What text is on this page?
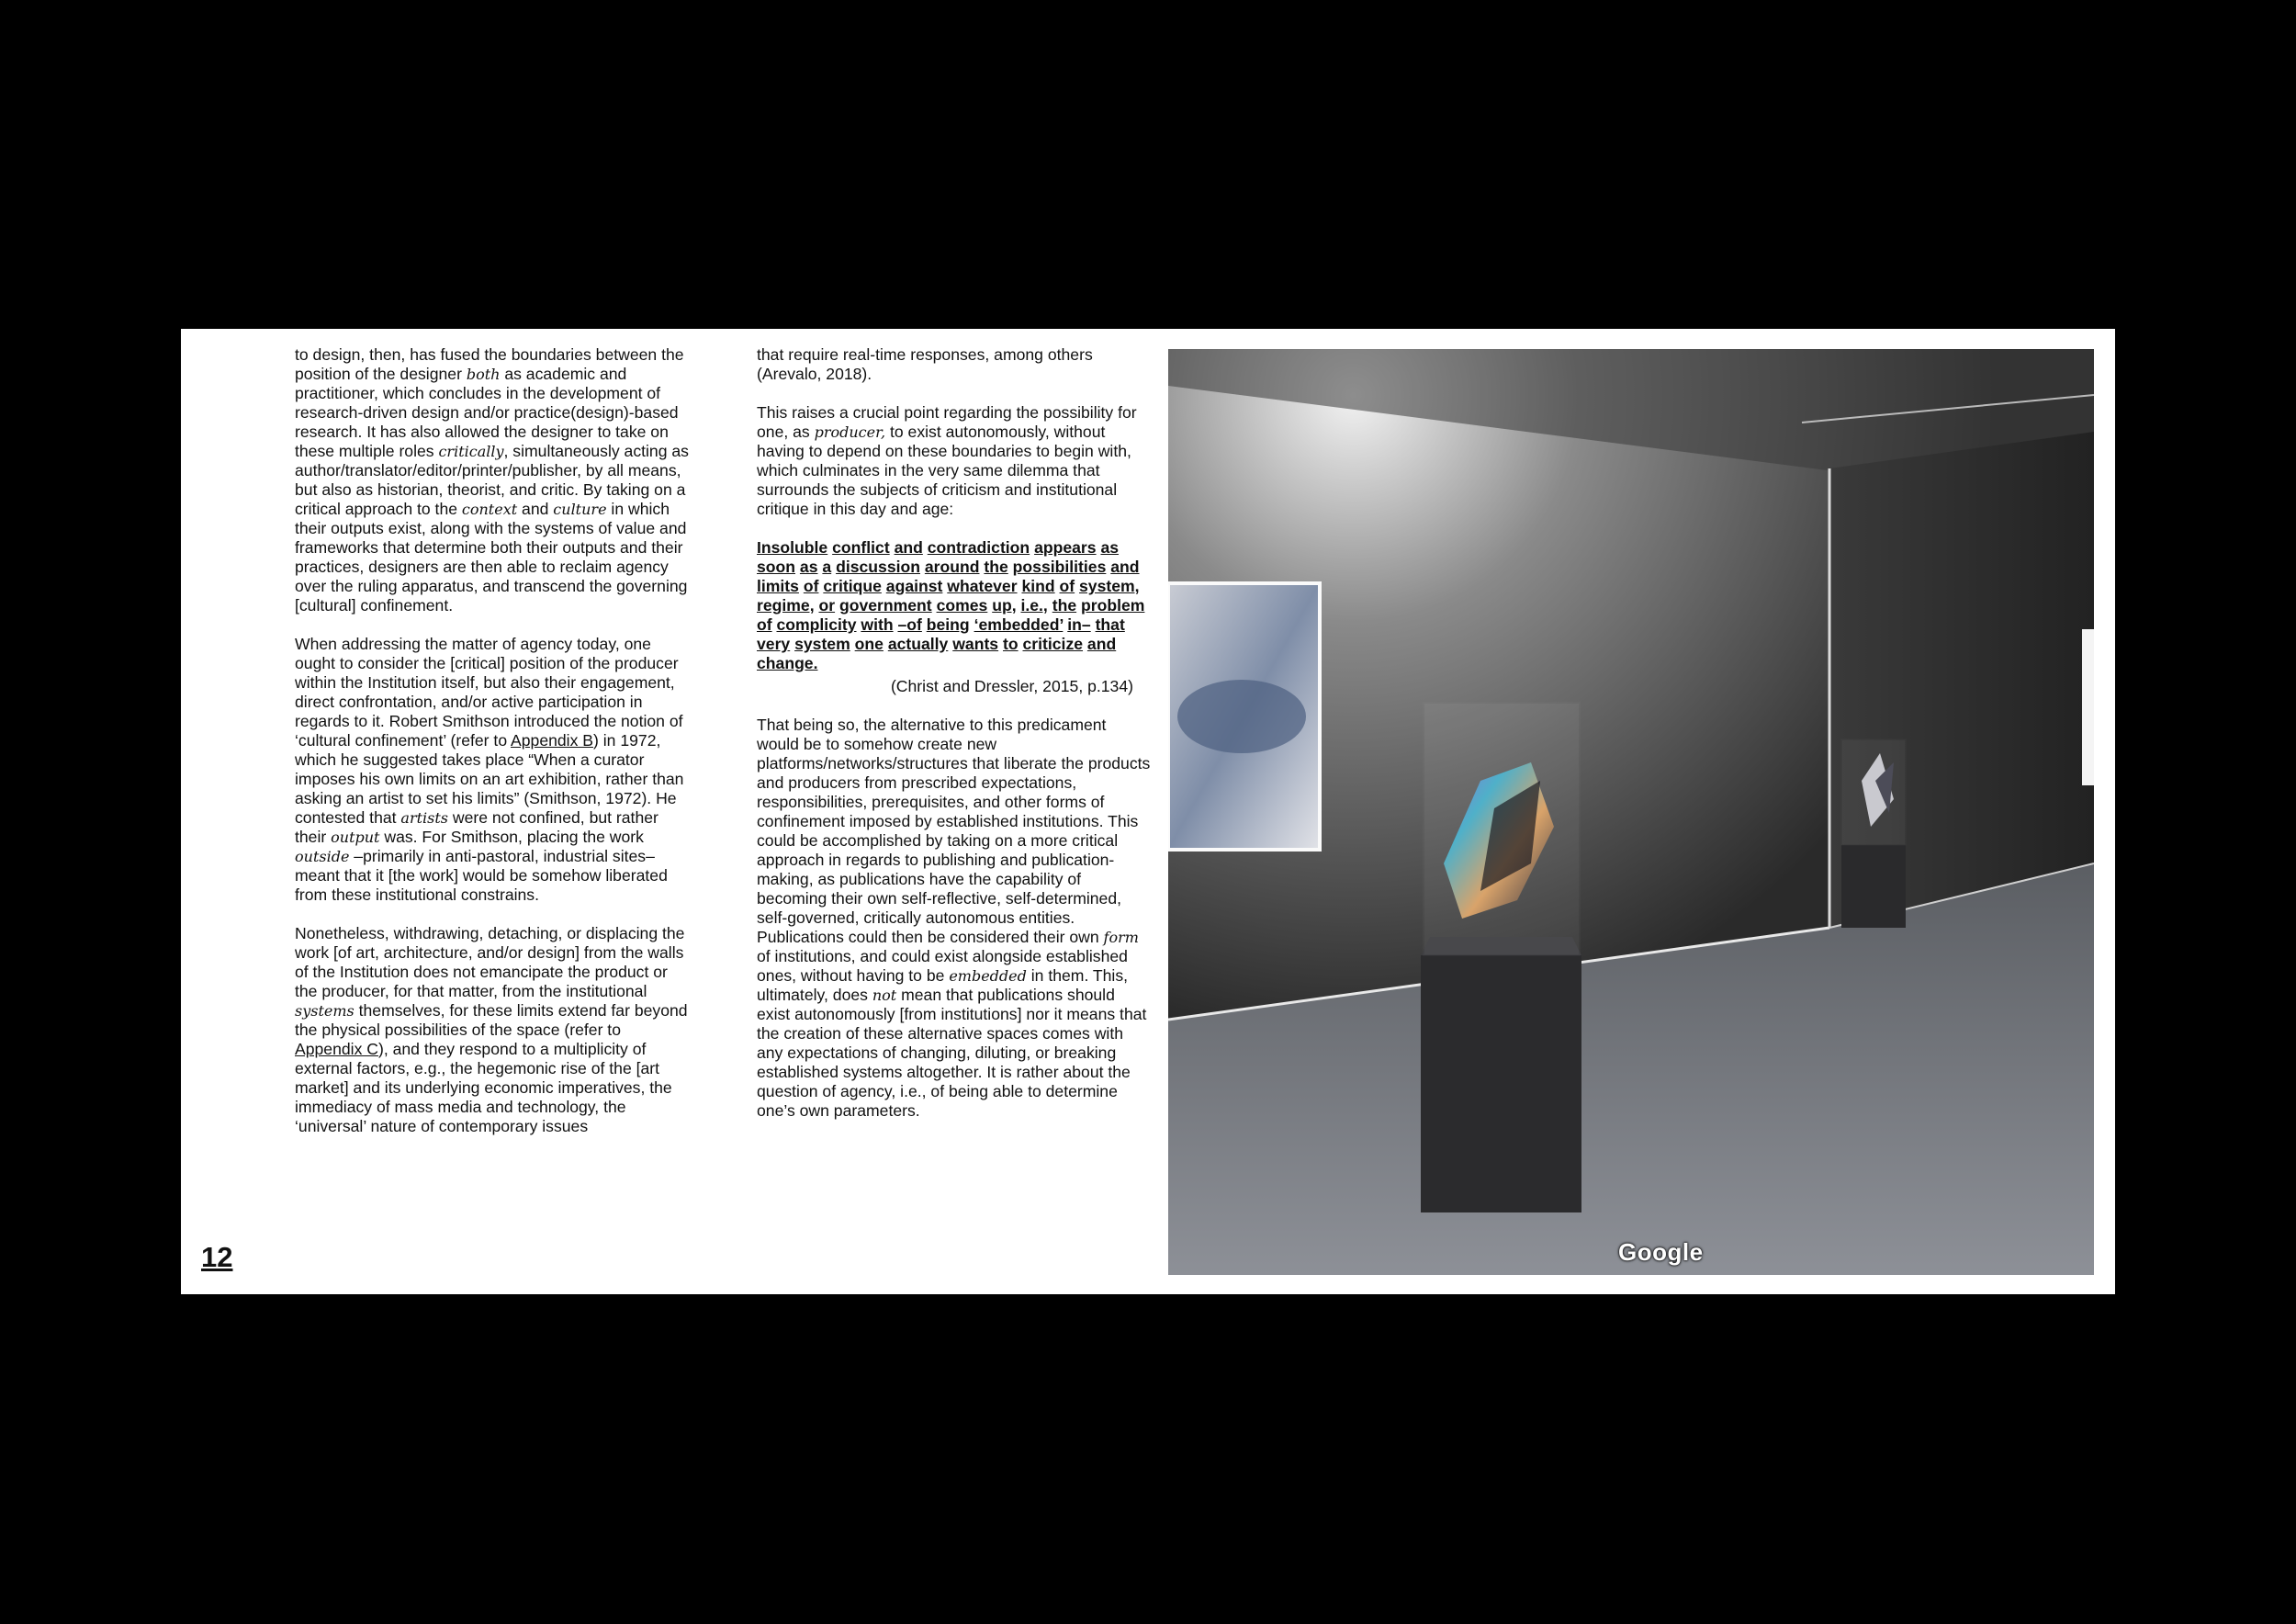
to design, then, has fused the boundaries between the position of the designer both as academic and practitioner, which concludes in the development of research-driven design and/or practice(design)-based research. It has also allowed the designer to take on these multiple roles critically, simultaneously acting as author/translator/editor/printer/publisher, by all means, but also as historian, theorist, and critic. By taking on a critical approach to the context and culture in which their outputs exist, along with the systems of value and frameworks that determine both their outputs and their practices, designers are then able to reclaim agency over the ruling apparatus, and transcend the governing [cultural] confinement.

When addressing the matter of agency today, one ought to consider the [critical] position of the producer within the Institution itself, but also their engagement, direct confrontation, and/or active participation in regards to it. Robert Smithson introduced the notion of ‘cultural confinement’ (refer to Appendix B) in 1972, which he suggested takes place “When a curator imposes his own limits on an art exhibition, rather than asking an artist to set his limits” (Smithson, 1972). He contested that artists were not confined, but rather their output was. For Smithson, placing the work outside –primarily in anti-pastoral, industrial sites– meant that it [the work] would be somehow liberated from these institutional constrains.

Nonetheless, withdrawing, detaching, or displacing the work [of art, architecture, and/or design] from the walls of the Institution does not emancipate the product or the producer, for that matter, from the institutional systems themselves, for these limits extend far beyond the physical possibilities of the space (refer to Appendix C), and they respond to a multiplicity of external factors, e.g., the hegemonic rise of the [art market] and its underlying economic imperatives, the immediacy of mass media and technology, the ‘universal’ nature of contemporary issues

that require real-time responses, among others (Arevalo, 2018).

This raises a crucial point regarding the possibility for one, as producer, to exist autonomously, without having to depend on these boundaries to begin with, which culminates in the very same dilemma that surrounds the subjects of criticism and institutional critique in this day and age:

Insoluble conflict and contradiction appears as soon as a discussion around the possibilities and limits of critique against whatever kind of system, regime, or government comes up, i.e., the problem of complicity with –of being ‘embedded’ in– that very system one actually wants to criticize and change.

(Christ and Dressler, 2015, p.134)

That being so, the alternative to this predicament would be to somehow create new platforms/networks/structures that liberate the products and producers from prescribed expectations, responsibilities, prerequisites, and other forms of confinement imposed by established institutions. This could be accomplished by taking on a more critical approach in regards to publishing and publication-making, as publications have the capability of becoming their own self-reflective, self-determined, self-governed, critically autonomous entities. Publications could then be considered their own form of institutions, and could exist alongside established ones, without having to be embedded in them. This, ultimately, does not mean that publications should exist autonomously [from institutions] nor it means that the creation of these alternative spaces comes with any expectations of changing, diluting, or breaking established systems altogether. It is rather about the question of agency, i.e., of being able to determine one’s own parameters.

12	Google
